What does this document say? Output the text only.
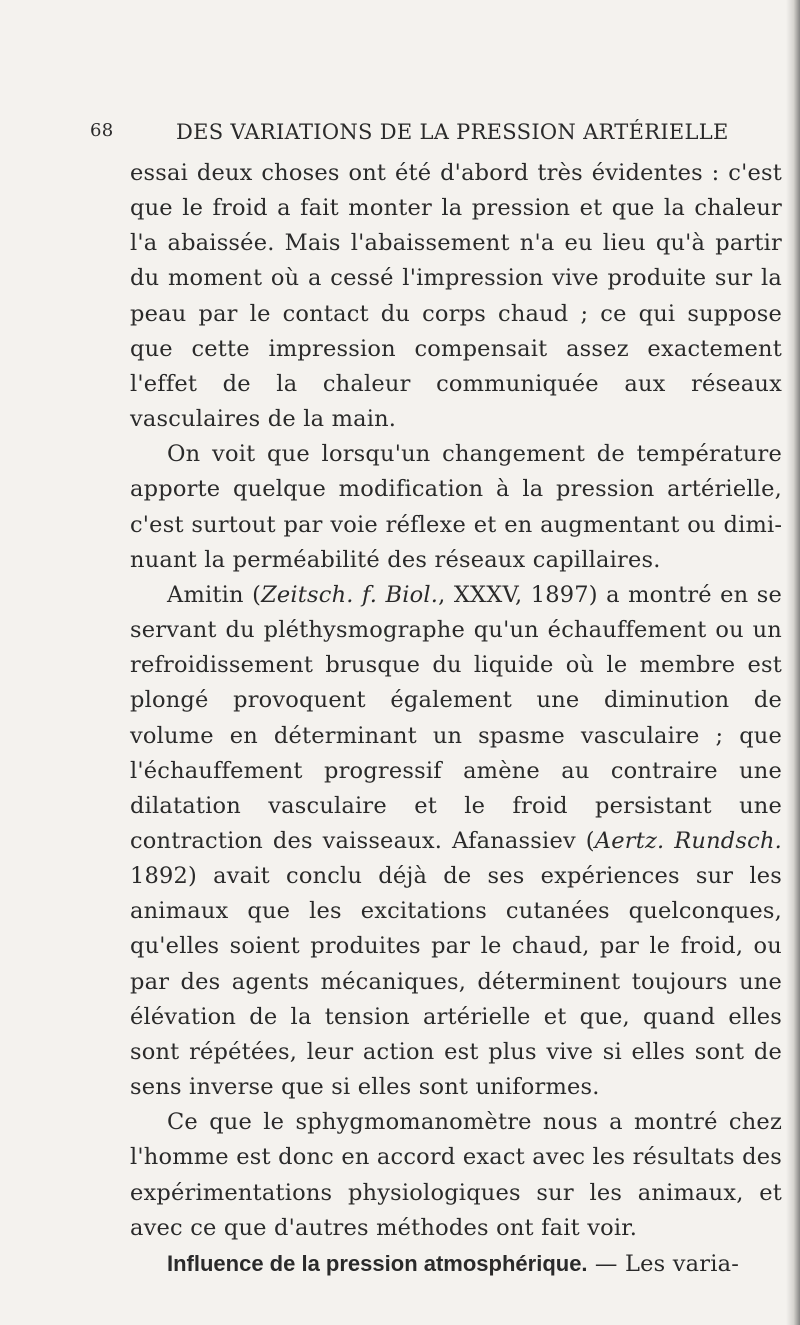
68	DES VARIATIONS DE LA PRESSION ARTÉRIELLE

essai deux choses ont été d'abord très évidentes : c'est que le froid a fait monter la pression et que la chaleur l'a abaissée. Mais l'abaissement n'a eu lieu qu'à partir du moment où a cessé l'impression vive produite sur la peau par le contact du corps chaud ; ce qui suppose que cette impression compensait assez exactement l'effet de la chaleur communiquée aux réseaux vasculaires de la main.

On voit que lorsqu'un changement de température apporte quelque modification à la pression artérielle, c'est surtout par voie réflexe et en augmentant ou diminuant la perméabilité des réseaux capillaires.

Amitin (Zeitsch. f. Biol., XXXV, 1897) a montré en se servant du pléthysmographe qu'un échauffement ou un refroidissement brusque du liquide où le membre est plongé provoquent également une diminution de volume en déterminant un spasme vasculaire ; que l'échauffement progressif amène au contraire une dilatation vasculaire et le froid persistant une contraction des vaisseaux. Afanassiev (Aertz. Rundsch. 1892) avait conclu déjà de ses expériences sur les animaux que les excitations cutanées quelconques, qu'elles soient produites par le chaud, par le froid, ou par des agents mécaniques, déterminent toujours une élévation de la tension artérielle et que, quand elles sont répétées, leur action est plus vive si elles sont de sens inverse que si elles sont uniformes.

Ce que le sphygmomanomètre nous a montré chez l'homme est donc en accord exact avec les résultats des expérimentations physiologiques sur les animaux, et avec ce que d'autres méthodes ont fait voir.

Influence de la pression atmosphérique. — Les varia-
